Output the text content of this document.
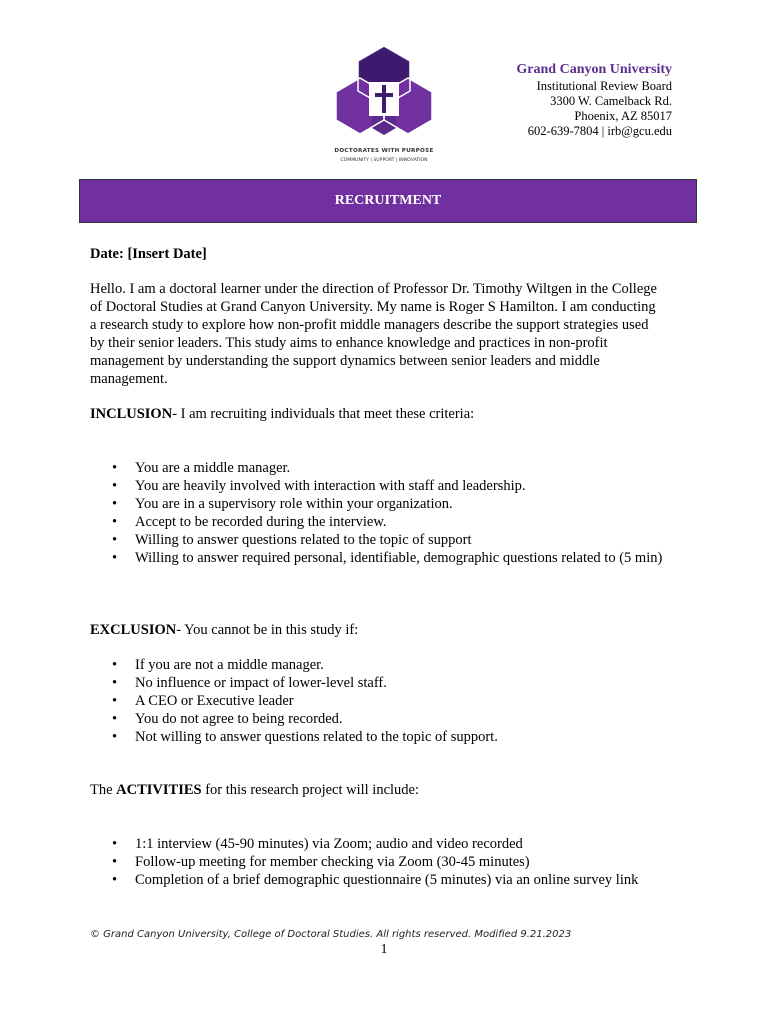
DOCTORATES WITH PURPOSE
COMMUNITY | SUPPORT | INNOVATION
Grand Canyon University
Institutional Review Board
3300 W. Camelback Rd.
Phoenix, AZ 85017
602-639-7804 | irb@gcu.edu
RECRUITMENT
Date: [Insert Date]
Hello. I am a doctoral learner under the direction of Professor Dr. Timothy Wiltgen in the College of Doctoral Studies at Grand Canyon University. My name is Roger S Hamilton. I am conducting a research study to explore how non-profit middle managers describe the support strategies used by their senior leaders. This study aims to enhance knowledge and practices in non-profit management by understanding the support dynamics between senior leaders and middle management.
INCLUSION- I am recruiting individuals that meet these criteria:
• You are a middle manager.
• You are heavily involved with interaction with staff and leadership.
• You are in a supervisory role within your organization.
• Accept to be recorded during the interview.
• Willing to answer questions related to the topic of support
• Willing to answer required personal, identifiable, demographic questions related to (5 min)
EXCLUSION- You cannot be in this study if:
• If you are not a middle manager.
• No influence or impact of lower-level staff.
• A CEO or Executive leader
• You do not agree to being recorded.
• Not willing to answer questions related to the topic of support.
The ACTIVITIES for this research project will include:
• 1:1 interview (45-90 minutes) via Zoom; audio and video recorded
• Follow-up meeting for member checking via Zoom (30-45 minutes)
• Completion of a brief demographic questionnaire (5 minutes) via an online survey link
© Grand Canyon University, College of Doctoral Studies. All rights reserved. Modified 9.21.2023
1
